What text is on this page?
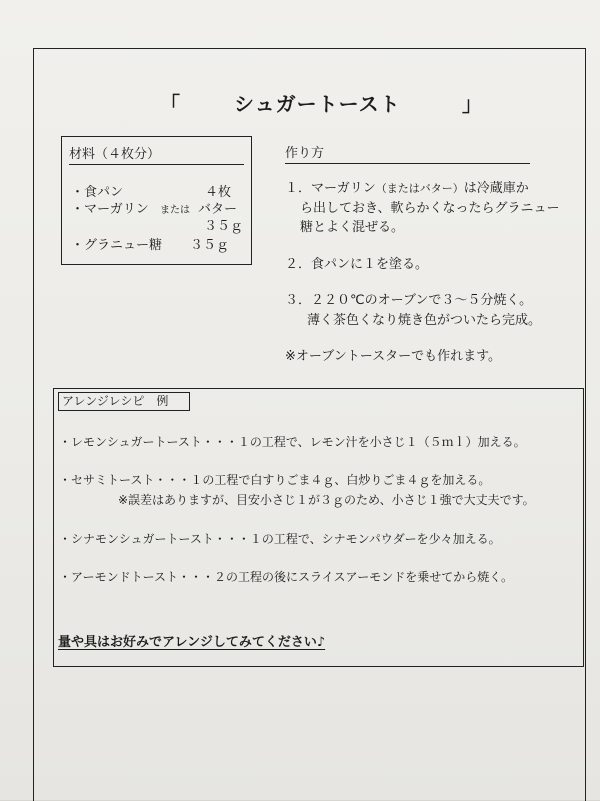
「	シュガートースト	」
材料（４枚分）
・食パン	４枚
・マーガリン または バター
３５ｇ
・グラニュー糖 ３５ｇ
作り方
１．マーガリン（またはバター）は冷蔵庫か
ら出しておき、軟らかくなったらグラニュー
糖とよく混ぜる。
２．食パンに１を塗る。
３．２２０℃のオーブンで３～５分焼く。
薄く茶色くなり焼き色がついたら完成。
※オーブントースターでも作れます。
アレンジレシピ　例
・レモンシュガートースト・・・１の工程で、レモン汁を小さじ１（５ｍｌ）加える。
・セサミトースト・・・１の工程で白すりごま４ｇ、白炒りごま４ｇを加える。
※誤差はありますが、目安小さじ１が３ｇのため、小さじ１強で大丈夫です。
・シナモンシュガートースト・・・１の工程で、シナモンパウダーを少々加える。
・アーモンドトースト・・・２の工程の後にスライスアーモンドを乗せてから焼く。
量や具はお好みでアレンジしてみてください♪
